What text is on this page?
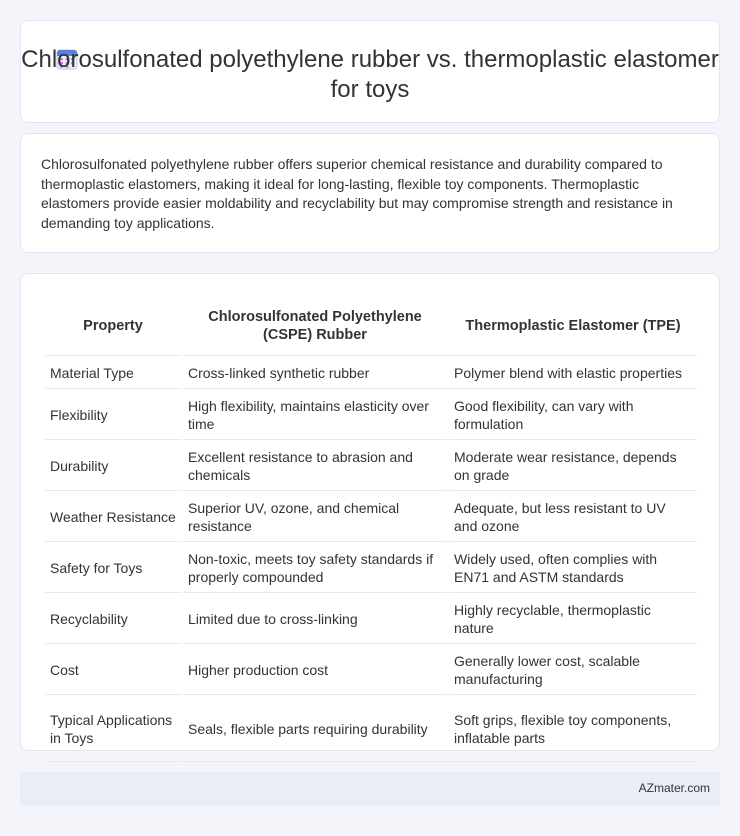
Chlorosulfonated polyethylene rubber vs. thermoplastic elastomer for toys

Chlorosulfonated polyethylene rubber offers superior chemical resistance and durability compared to thermoplastic elastomers, making it ideal for long-lasting, flexible toy components. Thermoplastic elastomers provide easier moldability and recyclability but may compromise strength and resistance in demanding toy applications.

Property	Chlorosulfonated Polyethylene (CSPE) Rubber	Thermoplastic Elastomer (TPE)
Material Type	Cross-linked synthetic rubber	Polymer blend with elastic properties
Flexibility	High flexibility, maintains elasticity over time	Good flexibility, can vary with formulation
Durability	Excellent resistance to abrasion and chemicals	Moderate wear resistance, depends on grade
Weather Resistance	Superior UV, ozone, and chemical resistance	Adequate, but less resistant to UV and ozone
Safety for Toys	Non-toxic, meets toy safety standards if properly compounded	Widely used, often complies with EN71 and ASTM standards
Recyclability	Limited due to cross-linking	Highly recyclable, thermoplastic nature
Cost	Higher production cost	Generally lower cost, scalable manufacturing
Typical Applications in Toys	Seals, flexible parts requiring durability	Soft grips, flexible toy components, inflatable parts
AZmater.com
